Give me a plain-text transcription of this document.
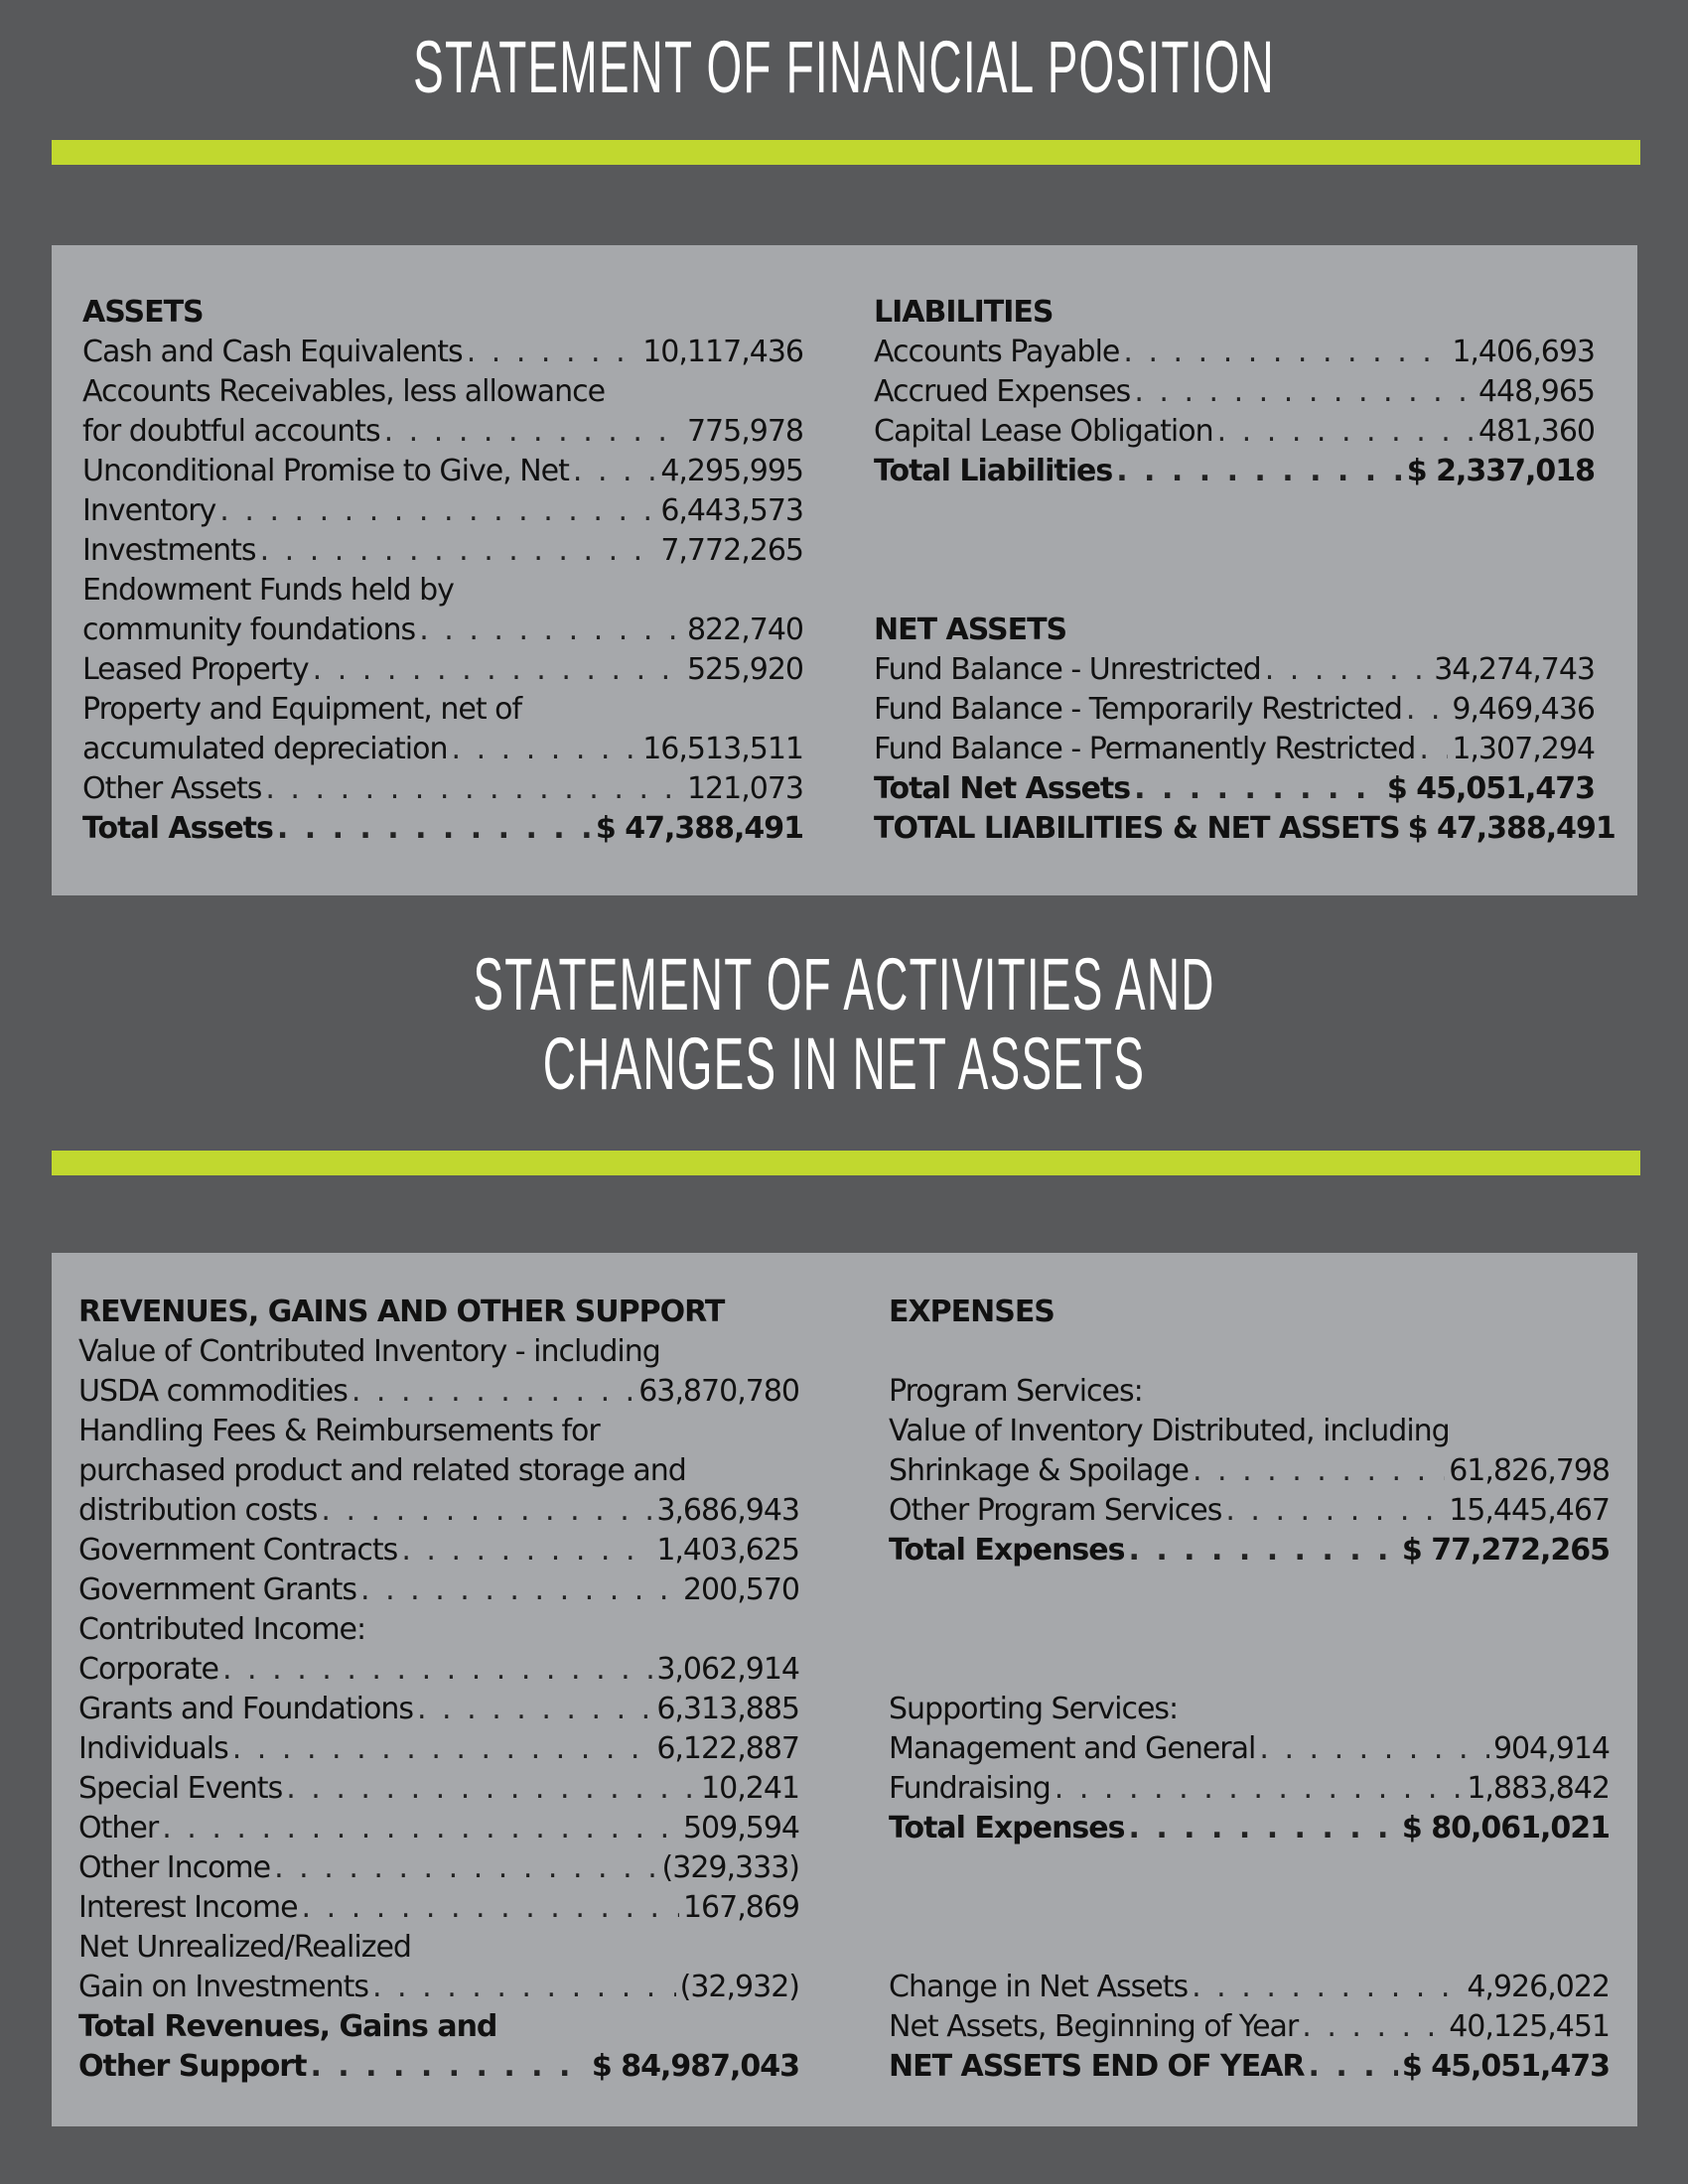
STATEMENT OF FINANCIAL POSITION
ASSETS
Cash and Cash Equivalents . . .	10,117,436
Accounts Receivables, less allowance
for doubtful accounts . . .	775,978
Unconditional Promise to Give, Net . . .	4,295,995
Inventory . . .	6,443,573
Investments . . .	7,772,265
Endowment Funds held by
community foundations . . .	822,740
Leased Property . . .	525,920
Property and Equipment, net of
accumulated depreciation . . .	16,513,511
Other Assets . . .	121,073
Total Assets . . .	$ 47,388,491
LIABILITIES
Accounts Payable . . .	1,406,693
Accrued Expenses . . .	448,965
Capital Lease Obligation . . .	481,360
Total Liabilities . . .	$ 2,337,018
NET ASSETS
Fund Balance - Unrestricted . . .	34,274,743
Fund Balance - Temporarily Restricted . . . 9,469,436
Fund Balance - Permanently Restricted . . . 1,307,294
Total Net Assets . . .	$ 45,051,473
TOTAL LIABILITIES & NET ASSETS $ 47,388,491
STATEMENT OF ACTIVITIES AND
CHANGES IN NET ASSETS
REVENUES, GAINS AND OTHER SUPPORT
Value of Contributed Inventory - including
USDA commodities . . .	63,870,780
Handling Fees & Reimbursements for
purchased product and related storage and
distribution costs . . .	3,686,943
Government Contracts . . .	1,403,625
Government Grants . . .	200,570
Contributed Income:
Corporate . . .	3,062,914
Grants and Foundations . . .	6,313,885
Individuals . . .	6,122,887
Special Events . . .	10,241
Other . . .	509,594
Other Income . . .	(329,333)
Interest Income . . .	167,869
Net Unrealized/Realized
Gain on Investments . . .	(32,932)
Total Revenues, Gains and
Other Support . . .	$ 84,987,043
EXPENSES
Program Services:
Value of Inventory Distributed, including
Shrinkage & Spoilage . . .	61,826,798
Other Program Services . . .	15,445,467
Total Expenses . . .	$ 77,272,265
Supporting Services:
Management and General . . .	904,914
Fundraising . . .	1,883,842
Total Expenses . . .	$ 80,061,021
Change in Net Assets . . .	4,926,022
Net Assets, Beginning of Year . . .	40,125,451
NET ASSETS END OF YEAR . . .	$ 45,051,473
